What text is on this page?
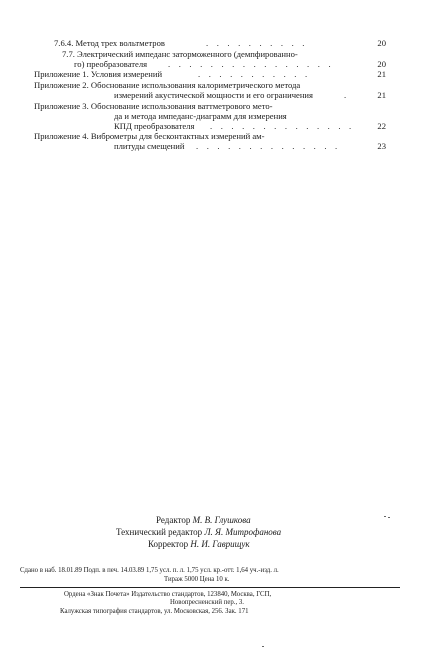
7.6.4. Метод трех вольтметров	. . . . . . . . . .	20
7.7. Электрический импеданс заторможенного (демпфированно-
го) преобразователя . . . . . . . . . . . . . . . .	20
Приложение 1. Условия измерений	. . . . . . . . . . .	21
Приложение 2. Обоснование использования калориметрического метода
измерений акустической мощности и его ограничения	.	21
Приложение 3. Обоснование использования ваттметрового мето-
да и метода импеданс-диаграмм для измерения
КПД преобразователя . . . . . . . . . . . . . .	22
Приложение 4. Виброметры для бесконтактных измерений ам-
плитуды смещений . . . . . . . . . . . . . .	23
Редактор М. В. Глушкова
Технический редактор Л. Я. Митрофанова
Корректор Н. И. Гаврищук
Сдано в наб. 18.01.89 Подп. в печ. 14.03.89 1,75 усл. п. л. 1,75 усл. кр.-отт. 1,64 уч.-изд. л.
Тираж 5000 Цена 10 к.
Ордена «Знак Почета» Издательство стандартов, 123840, Москва, ГСП,
Новопресненский пер., 3.
Калужская типография стандартов, ул. Московская, 256. Зак. 171
